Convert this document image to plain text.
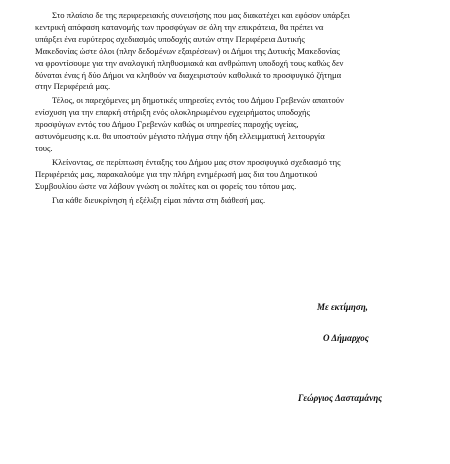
Στο πλαίσιο δε της περιφερειακής συνεισήσης που μας διακατέχει και εφόσον υπάρξει
κεντρική απόφαση κατανομής των προσφύγων σε όλη την επικράτεια, θα πρέπει να
υπάρξει ένα ευρύτερος σχεδιασμός υποδοχής αυτών στην Περιφέρεια Δυτικής
Μακεδονίας ώστε όλοι (πλην δεδομένων εξαιρέσεων) οι Δήμοι της Δυτικής Μακεδονίας
να φροντίσουμε για την αναλογική πληθυσμιακά και ανθρώπινη υποδοχή τους καθώς δεν
δύναται ένας ή δύο Δήμοι να κληθούν να διαχειριστούν καθολικά το προσφυγικό ζήτημα
στην Περιφέρειά μας.

Τέλος, οι παρεχόμενες μη δημοτικές υπηρεσίες εντός του Δήμου Γρεβενών απαιτούν
ενίσχυση για την επαρκή στήριξη ενός ολοκληρωμένου εγχειρήματος υποδοχής
προσφύγων εντός του Δήμου Γρεβενών καθώς οι υπηρεσίες παροχής υγείας,
αστυνόμευσης κ.α. θα υποστούν μέγιστο πλήγμα στην ήδη ελλειμματική λειτουργία
τους.

Κλείνοντας, σε περίπτωση ένταξης του Δήμου μας στον προσφυγικό σχεδιασμό της
Περιφέρειάς μας, παρακαλούμε για την πλήρη ενημέρωσή μας δια του Δημοτικού
Συμβουλίου ώστε να λάβουν γνώση οι πολίτες και οι φορείς του τόπου μας.

Για κάθε διευκρίνηση ή εξέλιξη είμαι πάντα στη διάθεσή μας.

Με εκτίμηση,
Ο Δήμαρχος
Γεώργιος Δασταμάνης
